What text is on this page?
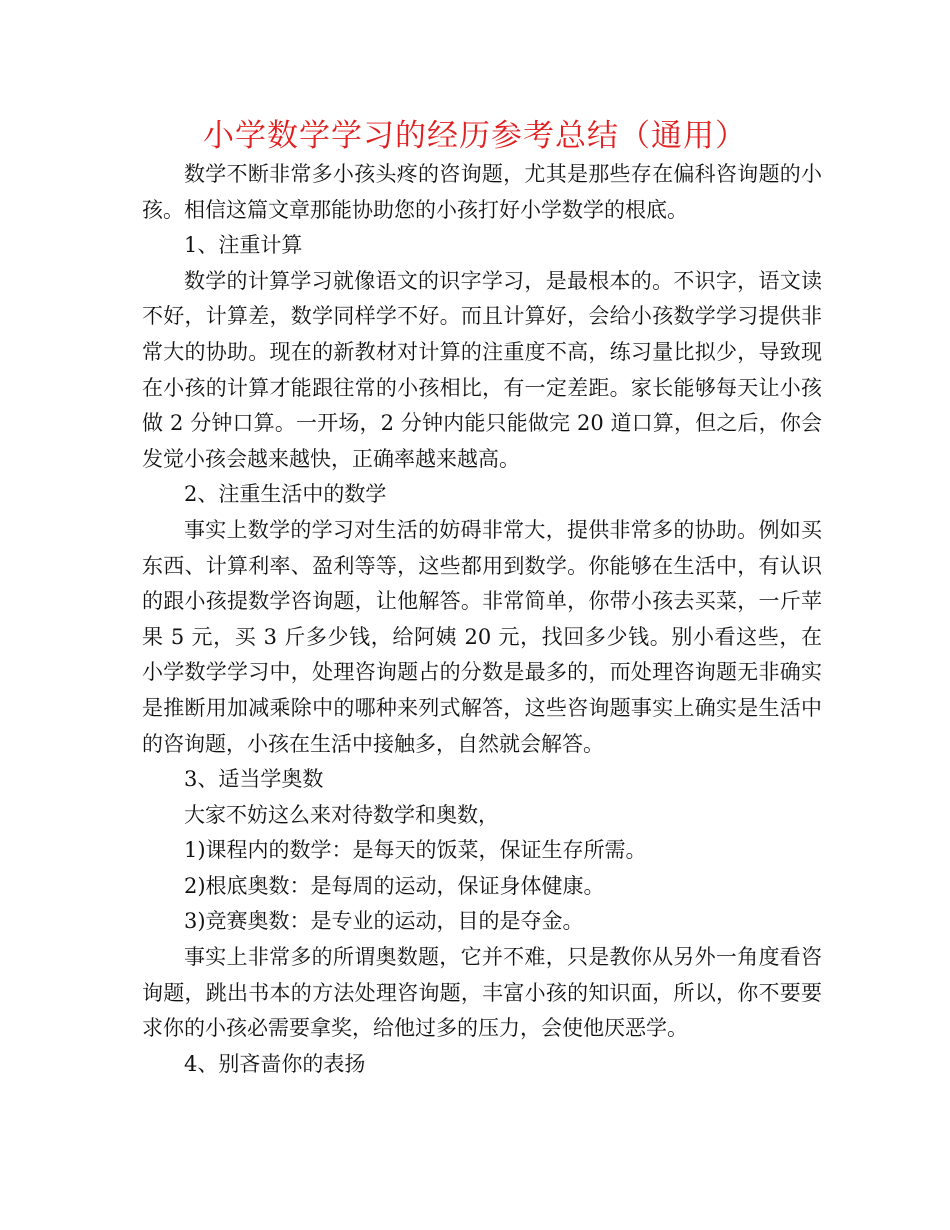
小学数学学习的经历参考总结（通用）

数学不断非常多小孩头疼的咨询题，尤其是那些存在偏科咨询题的小孩。相信这篇文章那能协助您的小孩打好小学数学的根底。

1、注重计算

数学的计算学习就像语文的识字学习，是最根本的。不识字，语文读不好，计算差，数学同样学不好。而且计算好，会给小孩数学学习提供非常大的协助。现在的新教材对计算的注重度不高，练习量比拟少，导致现在小孩的计算才能跟往常的小孩相比，有一定差距。家长能够每天让小孩做 2 分钟口算。一开场，2 分钟内能只能做完 20 道口算，但之后，你会发觉小孩会越来越快，正确率越来越高。

2、注重生活中的数学

事实上数学的学习对生活的妨碍非常大，提供非常多的协助。例如买东西、计算利率、盈利等等，这些都用到数学。你能够在生活中，有认识的跟小孩提数学咨询题，让他解答。非常简单，你带小孩去买菜，一斤苹果 5 元，买 3 斤多少钱，给阿姨 20 元，找回多少钱。别小看这些，在小学数学学习中，处理咨询题占的分数是最多的，而处理咨询题无非确实是推断用加减乘除中的哪种来列式解答，这些咨询题事实上确实是生活中的咨询题，小孩在生活中接触多，自然就会解答。

3、适当学奥数

大家不妨这么来对待数学和奥数，

1)课程内的数学：是每天的饭菜，保证生存所需。

2)根底奥数：是每周的运动，保证身体健康。

3)竞赛奥数：是专业的运动，目的是夺金。

事实上非常多的所谓奥数题，它并不难，只是教你从另外一角度看咨询题，跳出书本的方法处理咨询题，丰富小孩的知识面，所以，你不要要求你的小孩必需要拿奖，给他过多的压力，会使他厌恶学。

4、别吝啬你的表扬
